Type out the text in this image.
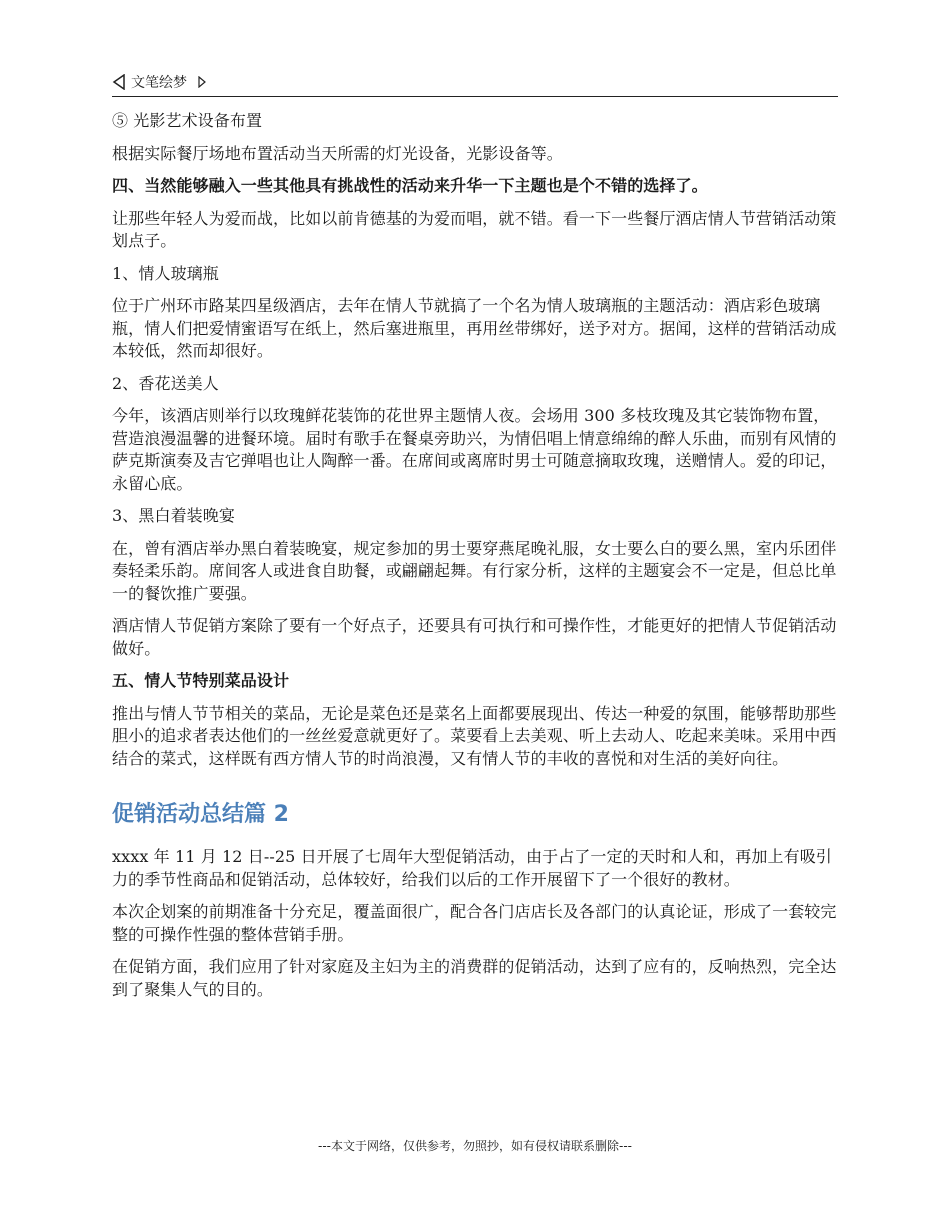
文笔绘梦

⑤ 光影艺术设备布置

根据实际餐厅场地布置活动当天所需的灯光设备，光影设备等。

四、当然能够融入一些其他具有挑战性的活动来升华一下主题也是个不错的选择了。

让那些年轻人为爱而战，比如以前肯德基的为爱而唱，就不错。看一下一些餐厅酒店情人节营销活动策划点子。

1、情人玻璃瓶

位于广州环市路某四星级酒店，去年在情人节就搞了一个名为情人玻璃瓶的主题活动：酒店彩色玻璃瓶，情人们把爱情蜜语写在纸上，然后塞进瓶里，再用丝带绑好，送予对方。据闻，这样的营销活动成本较低，然而却很好。

2、香花送美人

今年，该酒店则举行以玫瑰鲜花装饰的花世界主题情人夜。会场用 300 多枝玫瑰及其它装饰物布置，营造浪漫温馨的进餐环境。届时有歌手在餐桌旁助兴，为情侣唱上情意绵绵的醉人乐曲，而别有风情的萨克斯演奏及吉它弹唱也让人陶醉一番。在席间或离席时男士可随意摘取玫瑰，送赠情人。爱的印记，永留心底。

3、黑白着装晚宴

在，曾有酒店举办黑白着装晚宴，规定参加的男士要穿燕尾晚礼服，女士要么白的要么黑，室内乐团伴奏轻柔乐韵。席间客人或进食自助餐，或翩翩起舞。有行家分析，这样的主题宴会不一定是，但总比单一的餐饮推广要强。

酒店情人节促销方案除了要有一个好点子，还要具有可执行和可操作性，才能更好的把情人节促销活动做好。

五、情人节特别菜品设计

推出与情人节节相关的菜品，无论是菜色还是菜名上面都要展现出、传达一种爱的氛围，能够帮助那些胆小的追求者表达他们的一丝丝爱意就更好了。菜要看上去美观、听上去动人、吃起来美味。采用中西结合的菜式，这样既有西方情人节的时尚浪漫，又有情人节的丰收的喜悦和对生活的美好向往。

促销活动总结篇 2

xxxx 年 11 月 12 日--25 日开展了七周年大型促销活动，由于占了一定的天时和人和，再加上有吸引力的季节性商品和促销活动，总体较好，给我们以后的工作开展留下了一个很好的教材。

本次企划案的前期准备十分充足，覆盖面很广，配合各门店店长及各部门的认真论证，形成了一套较完整的可操作性强的整体营销手册。

在促销方面，我们应用了针对家庭及主妇为主的消费群的促销活动，达到了应有的，反响热烈，完全达到了聚集人气的目的。

---本文于网络，仅供参考，勿照抄，如有侵权请联系删除---
